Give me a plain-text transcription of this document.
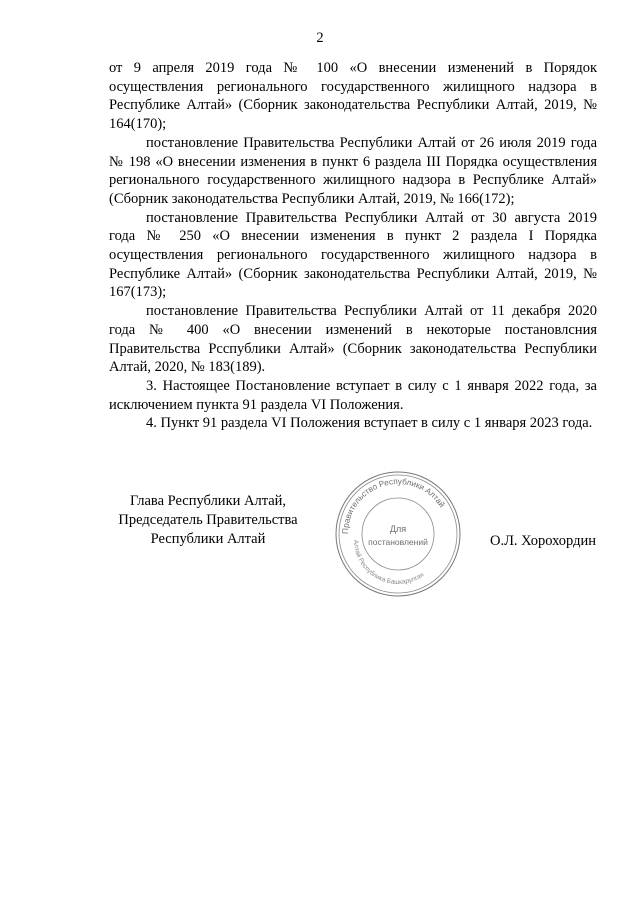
2

от 9 апреля 2019 года № 100 «О внесении изменений в Порядок осуществления регионального государственного жилищного надзора в Республике Алтай» (Сборник законодательства Республики Алтай, 2019, № 164(170);

постановление Правительства Республики Алтай от 26 июля 2019 года № 198 «О внесении изменения в пункт 6 раздела III Порядка осуществления регионального государственного жилищного надзора в Республике Алтай» (Сборник законодательства Республики Алтай, 2019, № 166(172);

постановление Правительства Республики Алтай от 30 августа 2019 года № 250 «О внесении изменения в пункт 2 раздела I Порядка осуществления регионального государственного жилищного надзора в Республике Алтай» (Сборник законодательства Республики Алтай, 2019, № 167(173);

постановление Правительства Республики Алтай от 11 декабря 2020 года № 400 «О внесении изменений в некоторые постановлсния Правительства Рсспублики Алтай» (Сборник законодательства Республики Алтай, 2020, № 183(189).

3. Настоящее Постановление вступает в силу с 1 января 2022 года, за исключением пункта 91 раздела VI Положения.

4. Пункт 91 раздела VI Положения вступает в силу с 1 января 2023 года.

Глава Республики Алтай,
Председатель Правительства
Республики Алтай	О.Л. Хорохордин
Правительство Республики Алтай
Алтай Республика Башкарулган
Для
постановлений
